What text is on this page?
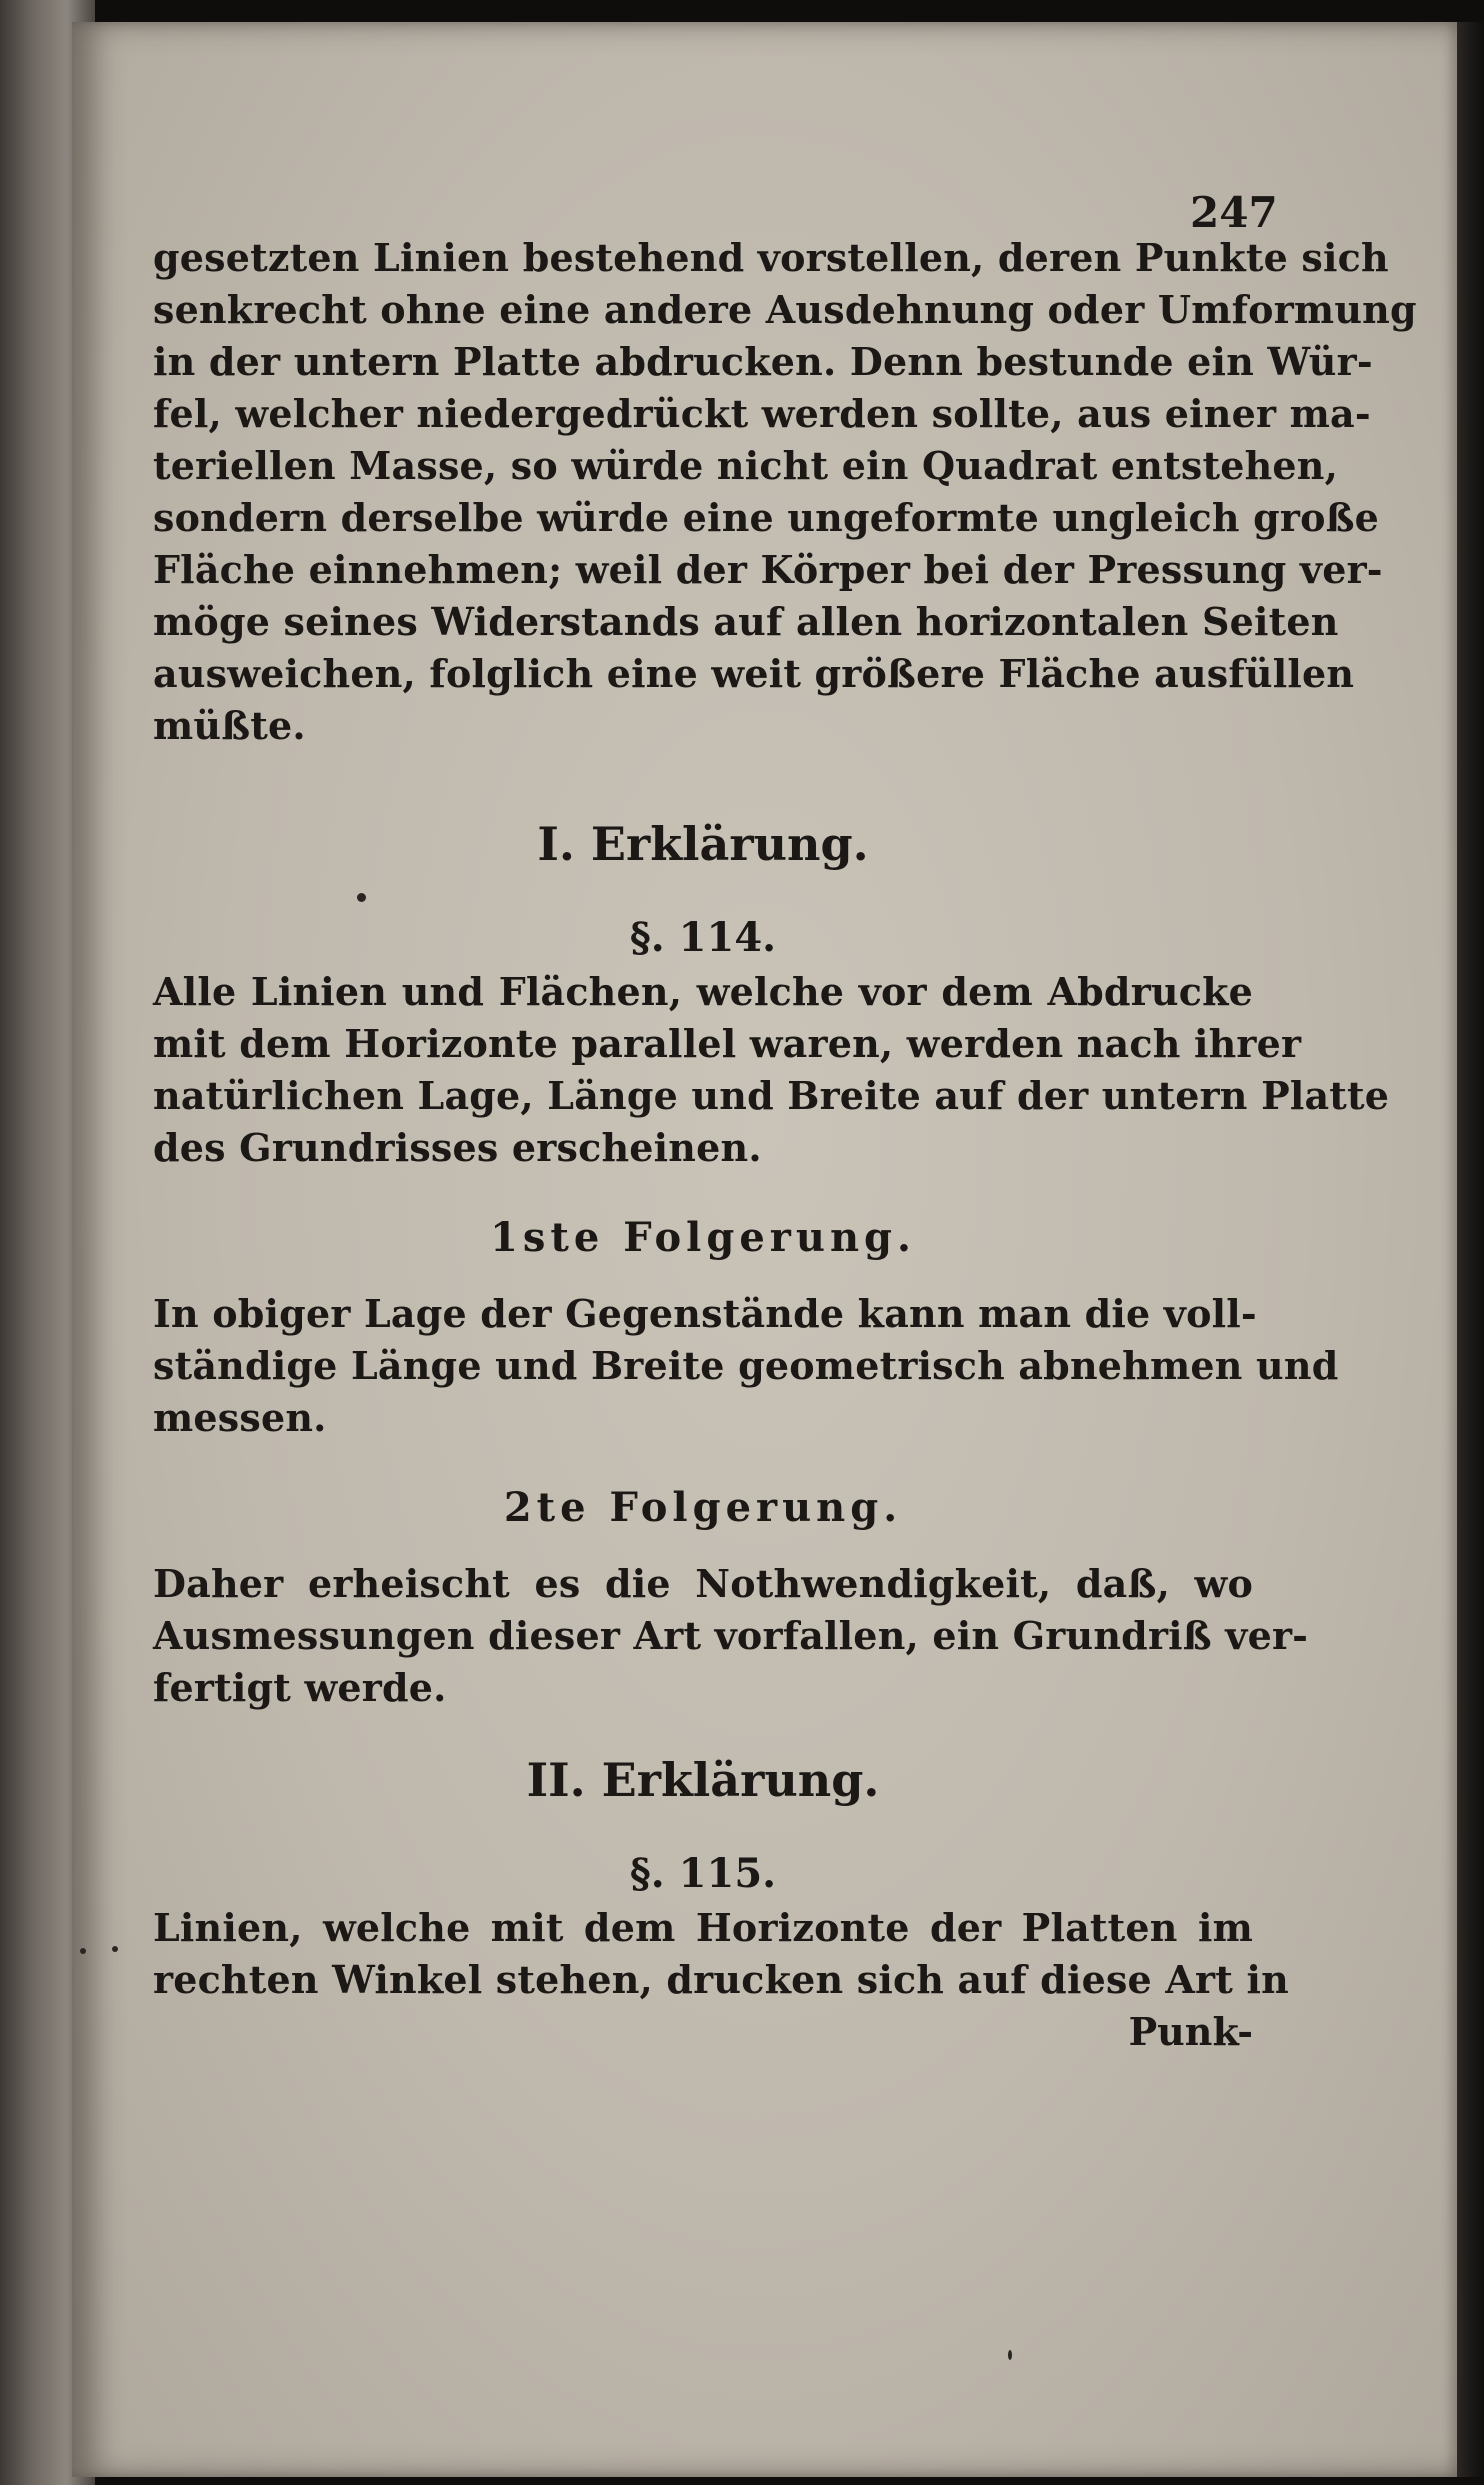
247
gesetzten Linien bestehend vorstellen, deren Punkte sich
senkrecht ohne eine andere Ausdehnung oder Umformung
in der untern Platte abdrucken. Denn bestunde ein Wür-
fel, welcher niedergedrückt werden sollte, aus einer ma-
teriellen Masse, so würde nicht ein Quadrat entstehen,
sondern derselbe würde eine ungeformte ungleich große
Fläche einnehmen; weil der Körper bei der Pressung ver-
möge seines Widerstands auf allen horizontalen Seiten
ausweichen, folglich eine weit größere Fläche ausfüllen
müßte.
I. Erklärung.
§. 114.
Alle Linien und Flächen, welche vor dem Abdrucke
mit dem Horizonte parallel waren, werden nach ihrer
natürlichen Lage, Länge und Breite auf der untern Platte
des Grundrisses erscheinen.
1ste Folgerung.
In obiger Lage der Gegenstände kann man die voll-
ständige Länge und Breite geometrisch abnehmen und
messen.
2te Folgerung.
Daher erheischt es die Nothwendigkeit, daß, wo
Ausmessungen dieser Art vorfallen, ein Grundriß ver-
fertigt werde.
II. Erklärung.
§. 115.
Linien, welche mit dem Horizonte der Platten im
rechten Winkel stehen, drucken sich auf diese Art in
Punk-
